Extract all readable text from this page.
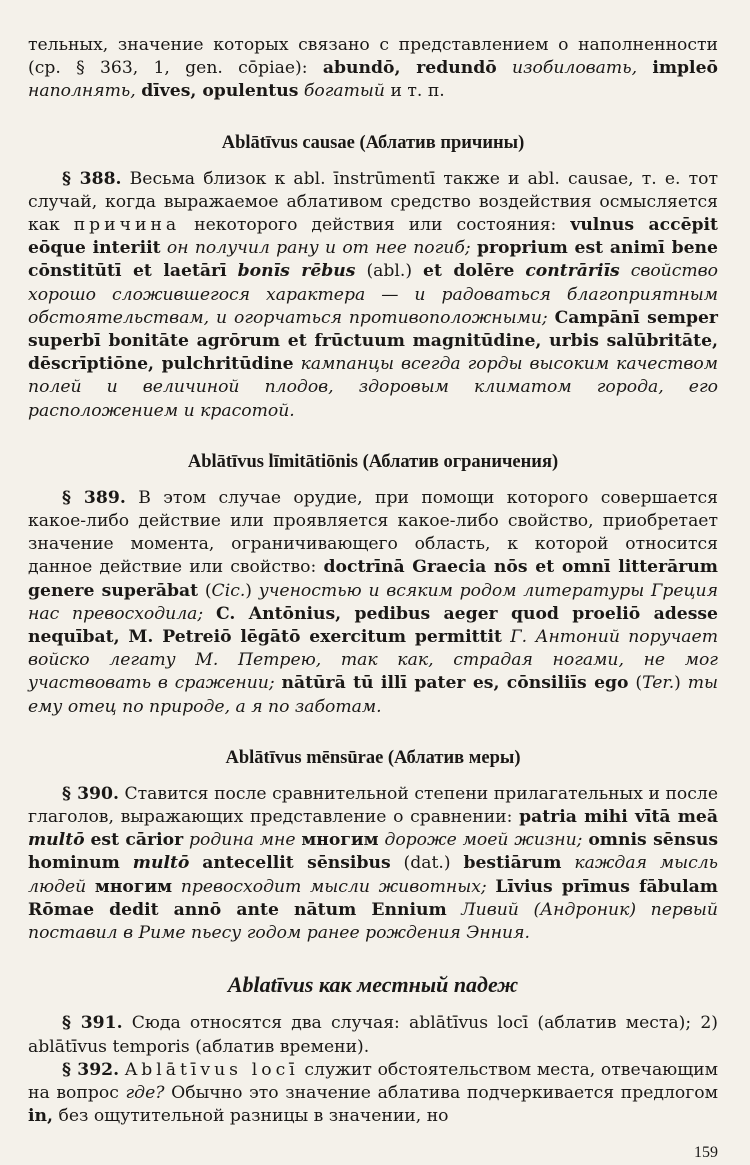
тельных, значение которых связано с представлением о наполненности (ср. § 363, 1, gen. cōpiae): abundō, redundō изобиловать, impleō наполнять, dīves, opulentus богатый и т. п.

Ablātīvus causae (Аблатив причины)

§ 388. Весьма близок к abl. īnstrūmentī также и abl. causae, т. е. тот случай, когда выражаемое аблативом средство воздействия осмысляется как причина некоторого действия или состояния: vulnus accēpit eōque interiit он получил рану и от нее погиб; proprium est animī bene cōnstitūtī et laetārī bonīs rēbus (abl.) et dolēre contrāriīs свойство хорошо сложившегося характера — и радоваться благоприятным обстоятельствам, и огорчаться противоположными; Campānī semper superbī bonitāte agrōrum et frūctuum magnitūdine, urbis salūbritāte, dēscrīptiōne, pulchritūdine кампанцы всегда горды высоким качеством полей и величиной плодов, здоровым климатом города, его расположением и красотой.

Ablātīvus līmitātiōnis (Аблатив ограничения)

§ 389. В этом случае орудие, при помощи которого совершается какое-либо действие или проявляется какое-либо свойство, приобретает значение момента, ограничивающего область, к которой относится данное действие или свойство: doctrīnā Graecia nōs et omnī litterārum genere superābat (Cic.) ученостью и всяким родом литературы Греция нас превосходила; C. Antōnius, pedibus aeger quod proeliō adesse nequībat, M. Petreiō lēgātō exercitum permittit Г. Антоний поручает войско легату М. Петрею, так как, страдая ногами, не мог участвовать в сражении; nātūrā tū illī pater es, cōnsiliīs ego (Ter.) ты ему отец по природе, а я по заботам.

Ablātīvus mēnsūrae (Аблатив меры)

§ 390. Ставится после сравнительной степени прилагательных и после глаголов, выражающих представление о сравнении: patria mihi vītā meā multō est cārior родина мне многим дороже моей жизни; omnis sēnsus hominum multō antecellit sēnsibus (dat.) bestiārum каждая мысль людей многим превосходит мысли животных; Līvius prīmus fābulam Rōmae dedit annō ante nātum Ennium Ливий (Андроник) первый поставил в Риме пьесу годом ранее рождения Энния.

Ablatīvus как местный падеж

§ 391. Сюда относятся два случая: ablātīvus locī (аблатив места); 2) ablātīvus temporis (аблатив времени).

§ 392. Ablātīvus locī служит обстоятельством места, отвечающим на вопрос где? Обычно это значение аблатива подчеркивается предлогом in, без ощутительной разницы в значении, но

159
